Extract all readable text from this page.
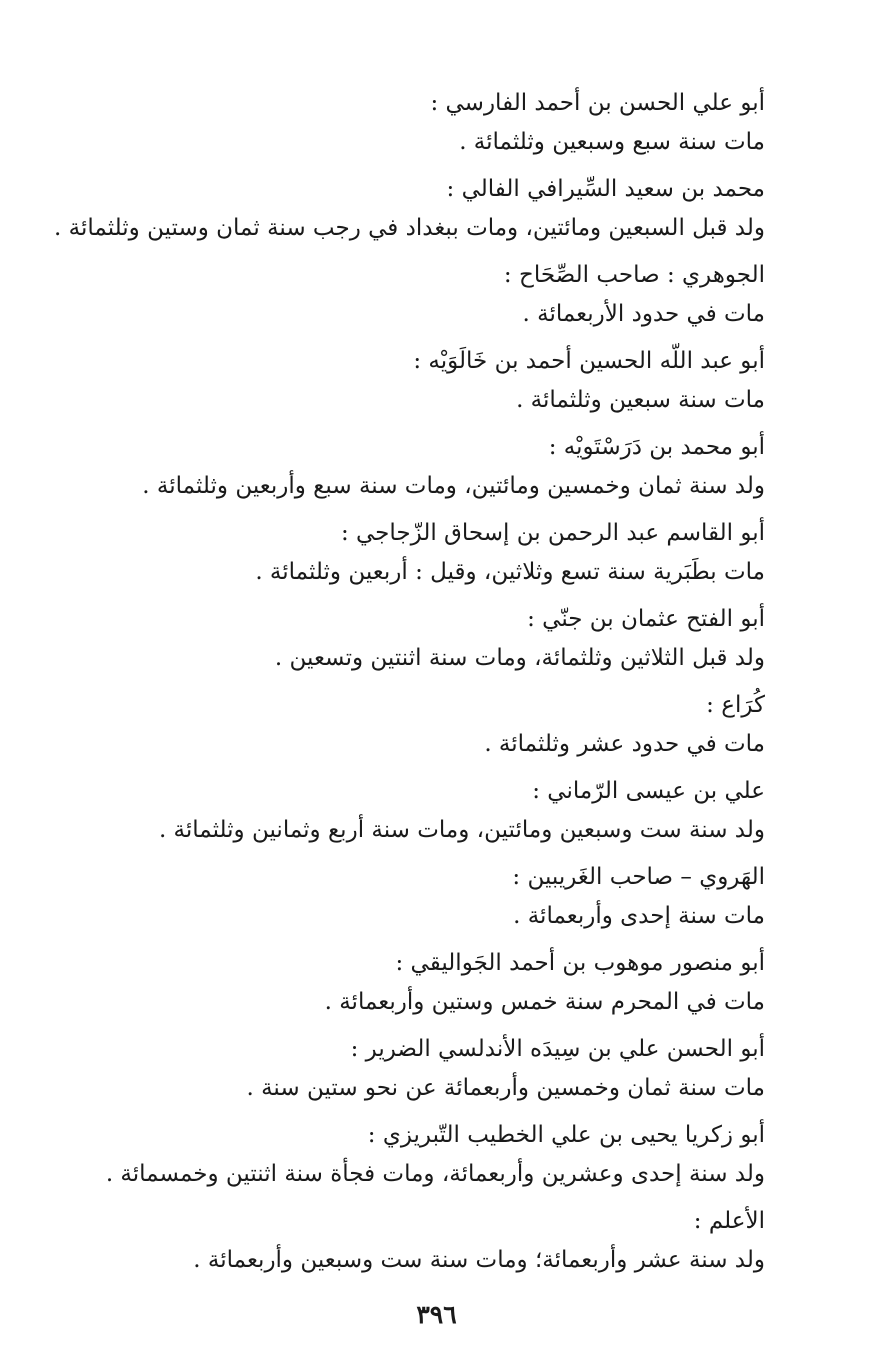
أبو علي الحسن بن أحمد الفارسي :

مات سنة سبع وسبعين وثلثمائة .

محمد بن سعيد السِّيرافي الفالي :

ولد قبل السبعين ومائتين، ومات ببغداد في رجب سنة ثمان وستين وثلثمائة .

الجوهري : صاحب الصِّحَاح :

مات في حدود الأربعمائة .

أبو عبد اللّه الحسين أحمد بن خَالَوَيْه :

مات سنة سبعين وثلثمائة .

أبو محمد بن دَرَسْتَويْه :

ولد سنة ثمان وخمسين ومائتين، ومات سنة سبع وأربعين وثلثمائة .

أبو القاسم عبد الرحمن بن إسحاق الزّجاجي :

مات بطَبَرية سنة تسع وثلاثين، وقيل : أربعين وثلثمائة .

أبو الفتح عثمان بن جنّي :

ولد قبل الثلاثين وثلثمائة، ومات سنة اثنتين وتسعين .

كُرَاع :

مات في حدود عشر وثلثمائة .

علي بن عيسى الرّماني :

ولد سنة ست وسبعين ومائتين، ومات سنة أربع وثمانين وثلثمائة .

الهَروي – صاحب الغَريبين :

مات سنة إحدى وأربعمائة .

أبو منصور موهوب بن أحمد الجَواليقي :

مات في المحرم سنة خمس وستين وأربعمائة .

أبو الحسن علي بن سِيدَه الأندلسي الضرير :

مات سنة ثمان وخمسين وأربعمائة عن نحو ستين سنة .

أبو زكريا يحيى بن علي الخطيب التّبريزي :

ولد سنة إحدى وعشرين وأربعمائة، ومات فجأة سنة اثنتين وخمسمائة .

الأعلم :

ولد سنة عشر وأربعمائة؛ ومات سنة ست وسبعين وأربعمائة .

٣٩٦
